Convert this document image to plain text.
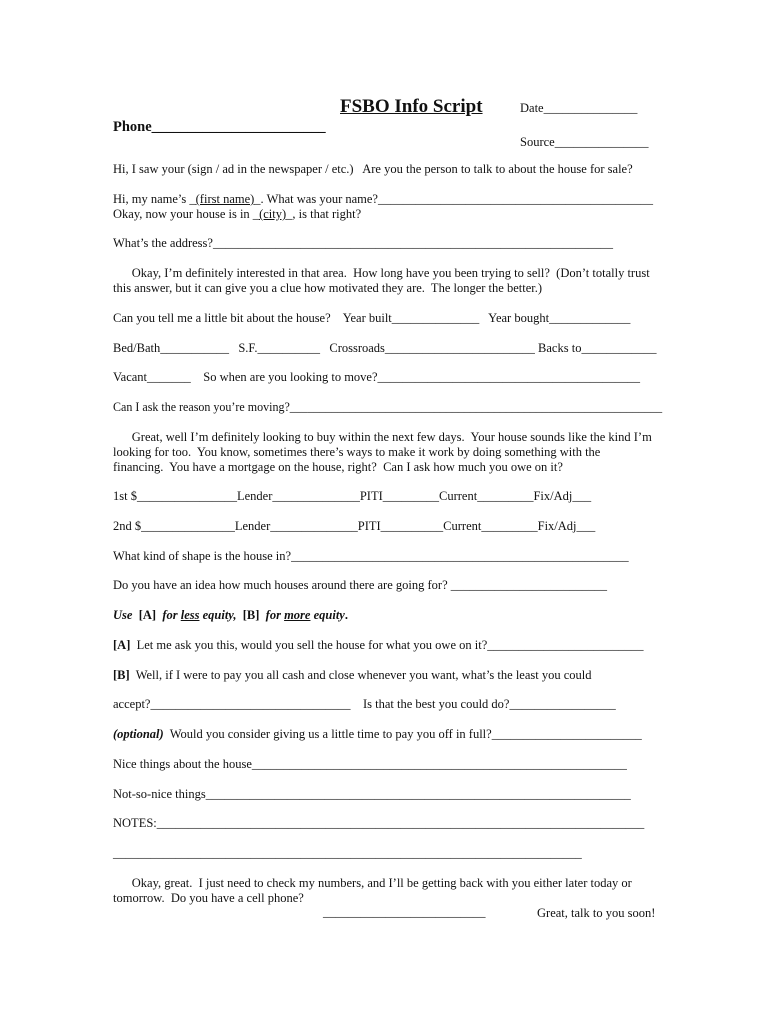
FSBO Info Script	Date_______________
Phone________________________
Source_______________
Hi, I saw your (sign / ad in the newspaper / etc.)   Are you the person to talk to about the house for sale?
Hi, my name’s _(first name)_. What was your name?____________________________________________
Okay, now your house is in _(city)_, is that right?
What’s the address?________________________________________________________________
Okay, I’m definitely interested in that area.  How long have you been trying to sell?  (Don’t totally trust
this answer, but it can give you a clue how motivated they are.  The longer the better.)
Can you tell me a little bit about the house?    Year built______________   Year bought_____________
Bed/Bath___________   S.F.__________   Crossroads________________________ Backs to____________
Vacant_______    So when are you looking to move?__________________________________________
Can I ask the reason you’re moving?______________________________________________________________
Great, well I’m definitely looking to buy within the next few days.  Your house sounds like the kind I’m
looking for too.  You know, sometimes there’s ways to make it work by doing something with the
financing.  You have a mortgage on the house, right?  Can I ask how much you owe on it?
1st $________________Lender______________PITI_________Current_________Fix/Adj___
2nd $_______________Lender______________PITI__________Current_________Fix/Adj___
What kind of shape is the house in?______________________________________________________
Do you have an idea how much houses around there are going for? _________________________
Use  [A]  for less equity,  [B]  for more equity.
[A]  Let me ask you this, would you sell the house for what you owe on it?_________________________
[B]  Well, if I were to pay you all cash and close whenever you want, what’s the least you could
accept?________________________________    Is that the best you could do?_________________
(optional)  Would you consider giving us a little time to pay you off in full?________________________
Nice things about the house____________________________________________________________
Not-so-nice things____________________________________________________________________
NOTES:______________________________________________________________________________
___________________________________________________________________________
Okay, great.  I just need to check my numbers, and I’ll be getting back with you either later today or
tomorrow.  Do you have a cell phone?
__________________________	Great, talk to you soon!
